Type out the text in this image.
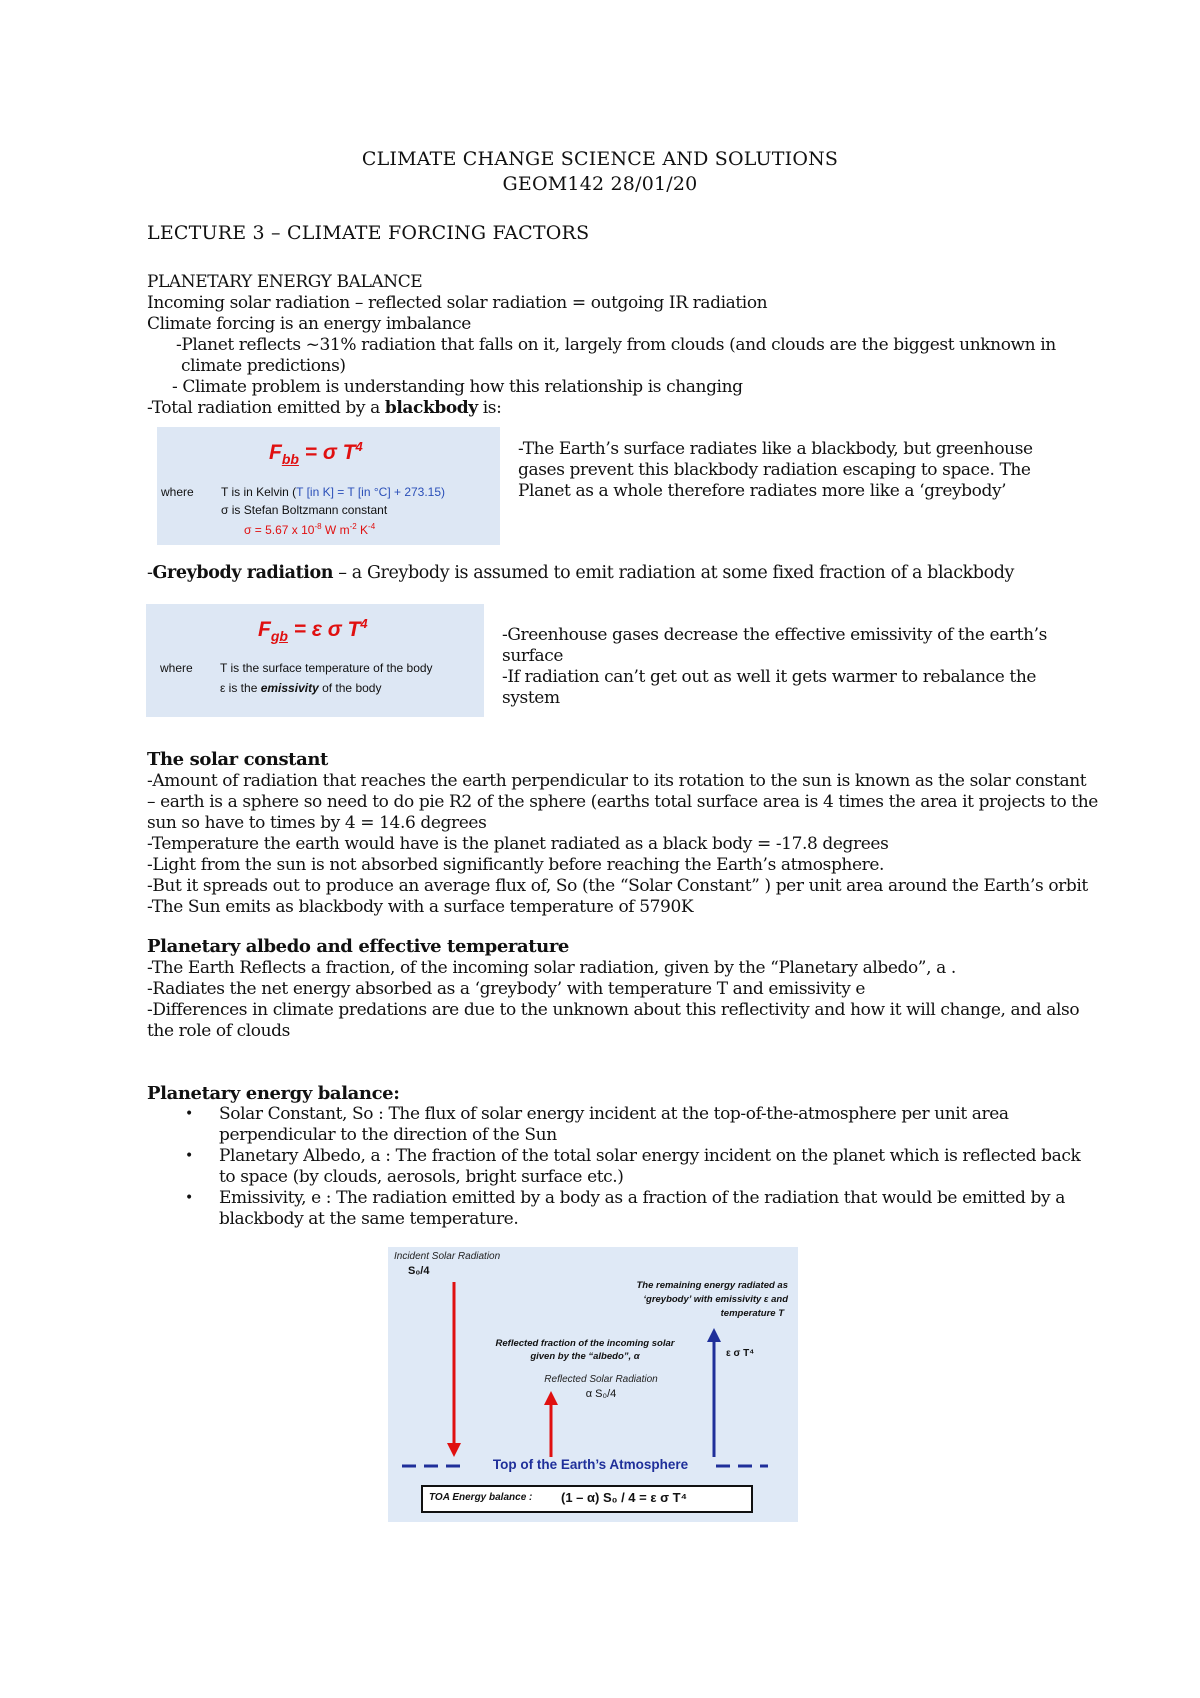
CLIMATE CHANGE SCIENCE AND SOLUTIONS
GEOM142 28/01/20
LECTURE 3 – CLIMATE FORCING FACTORS
PLANETARY ENERGY BALANCE
Incoming solar radiation – reflected solar radiation = outgoing IR radiation
Climate forcing is an energy imbalance
-Planet reflects ~31% radiation that falls on it, largely from clouds (and clouds are the biggest unknown in
climate predictions)
- Climate problem is understanding how this relationship is changing
-Total radiation emitted by a blackbody is:
$F_{bb} = \sigma$ $T^4$
where T is in Kelvin (T [in K] = T [in °C] + 273.15)
σ is Stefan Boltzmann constant
σ = 5.67 x $10^{-8}$ W $m^{-2}$ $K^{-4}$
-The Earth’s surface radiates like a blackbody, but greenhouse
gases prevent this blackbody radiation escaping to space. The
Planet as a whole therefore radiates more like a ‘greybody’
-Greybody radiation – a Greybody is assumed to emit radiation at some fixed fraction of a blackbody
$F_{gb} = \varepsilon$ σ $T^4$
where T is the surface temperature of the body
ε is the emissivity of the body
-Greenhouse gases decrease the effective emissivity of the earth’s
surface
-If radiation can’t get out as well it gets warmer to rebalance the
system
The solar constant
-Amount of radiation that reaches the earth perpendicular to its rotation to the sun is known as the solar constant
– earth is a sphere so need to do pie R2 of the sphere (earths total surface area is 4 times the area it projects to the
sun so have to times by 4 = 14.6 degrees
-Temperature the earth would have is the planet radiated as a black body = -17.8 degrees
-Light from the sun is not absorbed significantly before reaching the Earth’s atmosphere.
-But it spreads out to produce an average flux of, So (the “Solar Constant” ) per unit area around the Earth’s orbit
-The Sun emits as blackbody with a surface temperature of 5790K
Planetary albedo and effective temperature
-The Earth Reflects a fraction, of the incoming solar radiation, given by the “Planetary albedo”, a .
-Radiates the net energy absorbed as a ‘greybody’ with temperature T and emissivity e
-Differences in climate predations are due to the unknown about this reflectivity and how it will change, and also
the role of clouds
Planetary energy balance:
• Solar Constant, So : The flux of solar energy incident at the top-of-the-atmosphere per unit area
perpendicular to the direction of the Sun
• Planetary Albedo, a : The fraction of the total solar energy incident on the planet which is reflected back
to space (by clouds, aerosols, bright surface etc.)
• Emissivity, e : The radiation emitted by a body as a fraction of the radiation that would be emitted by a
blackbody at the same temperature.
Incident Solar Radiation
S₀/4
The remaining energy radiated as
‘greybody’ with emissivity ε and
temperature T
ε σ T⁴
Reflected fraction of the incoming solar
given by the “albedo”, α
Reflected Solar Radiation
α S₀/4
Top of the Earth’s Atmosphere
TOA Energy balance : (1 – α) S₀ / 4 = ε σ T⁴
